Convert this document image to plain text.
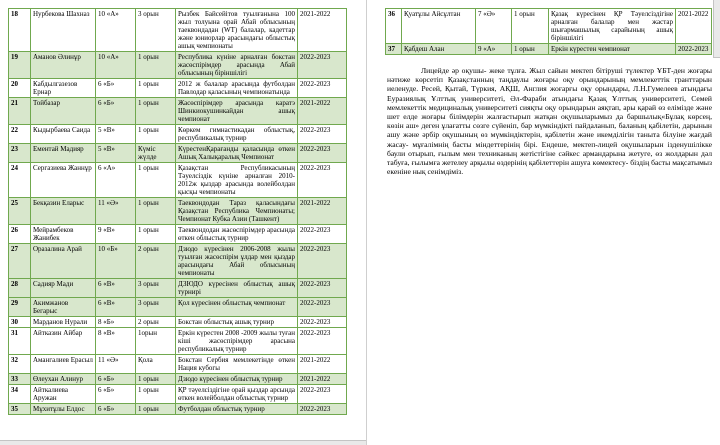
18	Нурбекова Шахназ	10 «А»	3 орын	Рызбек Байсейітов туылғанына 100 жыл толуына орай Абай облысының таеквондадан (WT) балалар, кадеттар және юниорлар арасындағы облыстық ашық чемпионаты	2021-2022
19	Аманов Әлинұр	10 «А»	1 орын	Республика күніне арналған бокстан жасөспірімдер арасында Абай облысының біріншілігі	2022-2023
20	Кабдылгазезов Ернар	6 «Б»	1 орын	2012 ж балалар арасында футболдан Павлодар қаласының чемпионатында	2022-2023
21	Тойбазар	6 «Б»	1 орын	Жасөспірімдер арасында каратэ Шинкиокушинкайдан ашық чемпионат	2021-2022
22	Кыдырбаева Саида	5 «В»	1 орын	Көркем гимнастикадан облыстық, республикалық турнир	2022-2023
23	Ементай Мадияр	5 «В»	Күміс жүлде	КүрестенҚарағанды қаласында өткен Ашық Халықаралық Чемпионат	2022-2023
24	Сергазиева Жаннұр	6 «А»	1 орын	Қазақстан Республикасының Тәуелсіздік күніне арналған 2010-2012ж қыздар арасында волейболдан қысқы чемпионаты	2022-2023
25	Бекқазин Еларыс	11 «Ә»	1 орын	Таеквондодан Тараз қаласындағы Қазақстан Республика Чемпионаты; Чемпионат Кубка Азии (Ташкент)	2021-2022
26	Мейрамбеков Жанибек	9 «В»	1 орын	Таеквондодан жасөспірімдер арасында өткен облыстық турнир	2022-2023
27	Оразалина Арай	10 «Б»	2 орын	Дзюдо күресінен 2006-2008 жылы туылған жасөспірім ұлдар мен қыздар арасындағы Абай облысының чемпионаты	2022-2023
28	Садияр Мади	6 «В»	3 орын	ДЗЮДО күресінен облыстық ашық турнирі	2022-2023
29	Акимжанов Бегарыс	6 «В»	3 орын	Қол күресінен облыстық чемпионат	2022-2023
30	Марданов Нурали	8 «Б»	2 орын	Бокстан облыстық ашық турнир	2022-2023
31	Айтказин Айбар	8 «В»	1орын	Еркін күрестен 2008 -2009 жылы туған кіші жасөспірімдер арасына республикалық турнир	2022-2023
32	Амангалиев Ерасыл	11 «Ә»	Қола	Бокстан Сербия мемлекетінде өткен Нация кубогы	2021-2022
33	Өлеухан Алинур	6 «Б»	1 орын	Дзюдо күресінен облыстық турнир	2021-2022
34	Айткалиева Аружан	6 «Б»	1 орын	ҚР тәуелсіздігіне орай қыздар арсында өткен волейболдан облыстық турнир	2022-2023
35	Мұхитұлы Елдос	6 «Б»	1 орын	Футболдан облыстық турнир	2022-2023
36	Қуатұлы Айсұлтан	7 «Ә»	1 орын	Қазақ күресінен ҚР Тәуелсіздігіне арналған балалар мен жастар шығармашылық сарайының ашық біріншілігі	2021-2022
37	Қабдеш Алан	9 «А»	1 орын	Еркін күрестен чемпионат	2022-2023

Лицейде әр оқушы- жеке тұлға. Жыл сайын мектеп бітіруші түлектер ҰБТ-ден жоғары нәтиже көрсетіп Қазақстанның таңдаулы жоғары оқу орындарының мемлекеттік гранттарын иеленуде. Ресей, Қытай, Түркия, АҚШ, Англия жоғарғы оқу орындары, Л.Н.Гумелеев атындағы Еуразиялық Ұлттық университеті, Әл-Фараби атындағы Қазақ Ұлттық университеті, Семей мемлекеттік медициналық университеті сияқты оқу орындарын аяқтап, ары қарай өз елімізде және шет елде жоғары білімдерін жалғастырып жатқан оқушыларымыз да баршылық«Бұлақ көрсең, көзін аш» деген ұлағатты сөзге сүйеніп, бар мүмкіндікті пайдаланып, баланың қабілетін, дарынын ашу және әрбір оқушының өз мүмкіндіктерін, қабілетін және икемділігін таныта білуіне жағдай жасау- мұғалімнің басты міндеттерінің бірі. Ендеше, мектеп-лицей оқушыларын ізденушілікке баули отырып, ғылым мен техниканың жетістігіне сәйкес армандарына жетуге, өз жолдарын дәл табуға, ғылымға жетелеу арқылы өздерінің қабілеттерін ашуға көмектесу- біздің басты мақсатымыз екеніне нық сенімдіміз.
